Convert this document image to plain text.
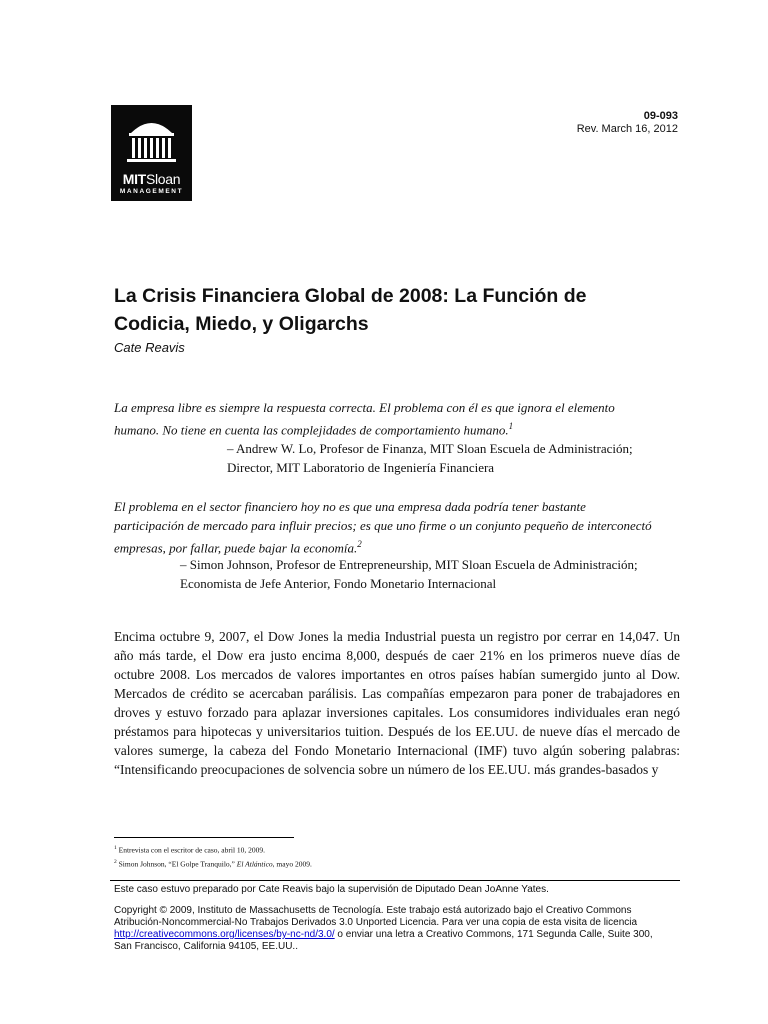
MITSloan
MANAGEMENT
09-093
Rev. March 16, 2012
La Crisis Financiera Global de 2008: La Función de
Codicia, Miedo, y Oligarchs
Cate Reavis

La empresa libre es siempre la respuesta correcta. El problema con él es que ignora el elemento
humano. No tiene en cuenta las complejidades de comportamiento humano.$^1$

– Andrew W. Lo, Profesor de Finanza, MIT Sloan Escuela de Administración;
Director, MIT Laboratorio de Ingeniería Financiera

El problema en el sector financiero hoy no es que una empresa dada podría tener bastante
participación de mercado para influir precios; es que uno firme o un conjunto pequeño de interconectó
empresas, por fallar, puede bajar la economía.$^2$

– Simon Johnson, Profesor de Entrepreneurship, MIT Sloan Escuela de Administración;
Economista de Jefe Anterior, Fondo Monetario Internacional

Encima octubre 9, 2007, el Dow Jones la media Industrial puesta un registro por cerrar en 14,047. Un año más tarde, el Dow era justo encima 8,000, después de caer 21% en los primeros nueve días de octubre 2008. Los mercados de valores importantes en otros países habían sumergido junto al Dow. Mercados de crédito se acercaban parálisis. Las compañías empezaron para poner de trabajadores en droves y estuvo forzado para aplazar inversiones capitales. Los consumidores individuales eran negó préstamos para hipotecas y universitarios tuition. Después de los EE.UU. de nueve días el mercado de valores sumerge, la cabeza del Fondo Monetario Internacional (IMF) tuvo algún sobering palabras: “Intensificando preocupaciones de solvencia sobre un número de los EE.UU. más grandes-basados y

$^1$ Entrevista con el escritor de caso, abril 10, 2009.
$^2$ Simon Johnson, “El Golpe Tranquilo,” El Atlántico, mayo 2009.

Este caso estuvo preparado por Cate Reavis bajo la supervisión de Diputado Dean JoAnne Yates.

Copyright © 2009, Instituto de Massachusetts de Tecnología. Este trabajo está autorizado bajo el Creativo Commons
Atribución-Noncommercial-No Trabajos Derivados 3.0 Unported Licencia. Para ver una copia de esta visita de licencia
http://creativecommons.org/licenses/by-nc-nd/3.0/ o enviar una letra a Creativo Commons, 171 Segunda Calle, Suite 300,
San Francisco, California 94105, EE.UU..
